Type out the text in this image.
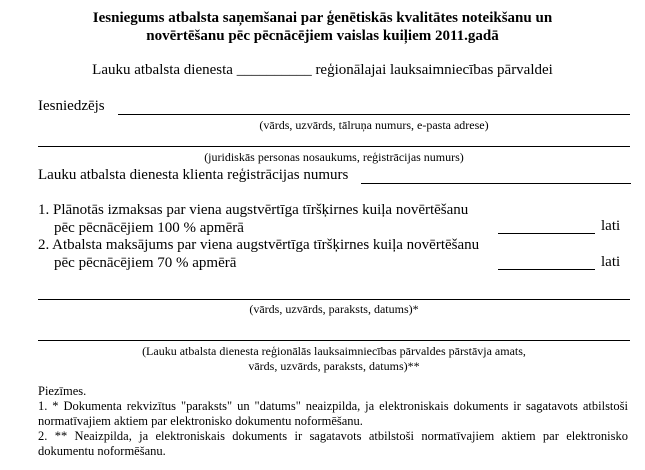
Iesniegums atbalsta saņemšanai par ģenētiskās kvalitātes noteikšanu un
novērtēšanu pēc pēcnācējiem vaislas kuiļiem 2011.gadā
Lauku atbalsta dienesta __________ reģionālajai lauksaimniecības pārvaldei
Iesniedzējs
(vārds, uzvārds, tālruņa numurs, e-pasta adrese)
(juridiskās personas nosaukums, reģistrācijas numurs)
Lauku atbalsta dienesta klienta reģistrācijas numurs
1. Plānotās izmaksas par viena augstvērtīga tīršķirnes kuiļa novērtēšanu
pēc pēcnācējiem 100 % apmērā	lati
2. Atbalsta maksājums par viena augstvērtīga tīršķirnes kuiļa novērtēšanu
pēc pēcnācējiem 70 % apmērā	lati
(vārds, uzvārds, paraksts, datums)*
(Lauku atbalsta dienesta reģionālās lauksaimniecības pārvaldes pārstāvja amats,
vārds, uzvārds, paraksts, datums)**
Piezīmes.
1. * Dokumenta rekvizītus "paraksts" un "datums" neaizpilda, ja elektroniskais dokuments ir sagatavots atbilstoši normatīvajiem aktiem par elektronisko dokumentu noformēšanu.
2. ** Neaizpilda, ja elektroniskais dokuments ir sagatavots atbilstoši normatīvajiem aktiem par elektronisko dokumentu noformēšanu.
